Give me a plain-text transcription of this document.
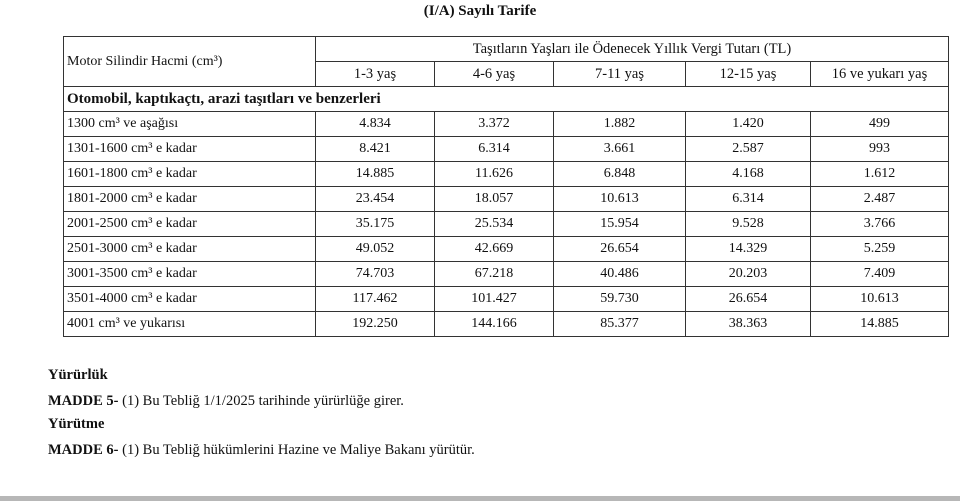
(I/A) Sayılı Tarife
Motor Silindir Hacmi (cm³)	Taşıtların Yaşları ile Ödenecek Yıllık Vergi Tutarı (TL)				
	1-3 yaş	4-6 yaş	7-11 yaş	12-15 yaş	16 ve yukarı yaş
Otomobil, kaptıkaçtı, arazi taşıtları ve benzerleri					
1300 cm³ ve aşağısı	4.834	3.372	1.882	1.420	499
1301-1600 cm³ e kadar	8.421	6.314	3.661	2.587	993
1601-1800 cm³ e kadar	14.885	11.626	6.848	4.168	1.612
1801-2000 cm³ e kadar	23.454	18.057	10.613	6.314	2.487
2001-2500 cm³ e kadar	35.175	25.534	15.954	9.528	3.766
2501-3000 cm³ e kadar	49.052	42.669	26.654	14.329	5.259
3001-3500 cm³ e kadar	74.703	67.218	40.486	20.203	7.409
3501-4000 cm³ e kadar	117.462	101.427	59.730	26.654	10.613
4001 cm³ ve yukarısı	192.250	144.166	85.377	38.363	14.885
Yürürlük
MADDE 5- (1) Bu Tebliğ 1/1/2025 tarihinde yürürlüğe girer.
Yürütme
MADDE 6- (1) Bu Tebliğ hükümlerini Hazine ve Maliye Bakanı yürütür.
